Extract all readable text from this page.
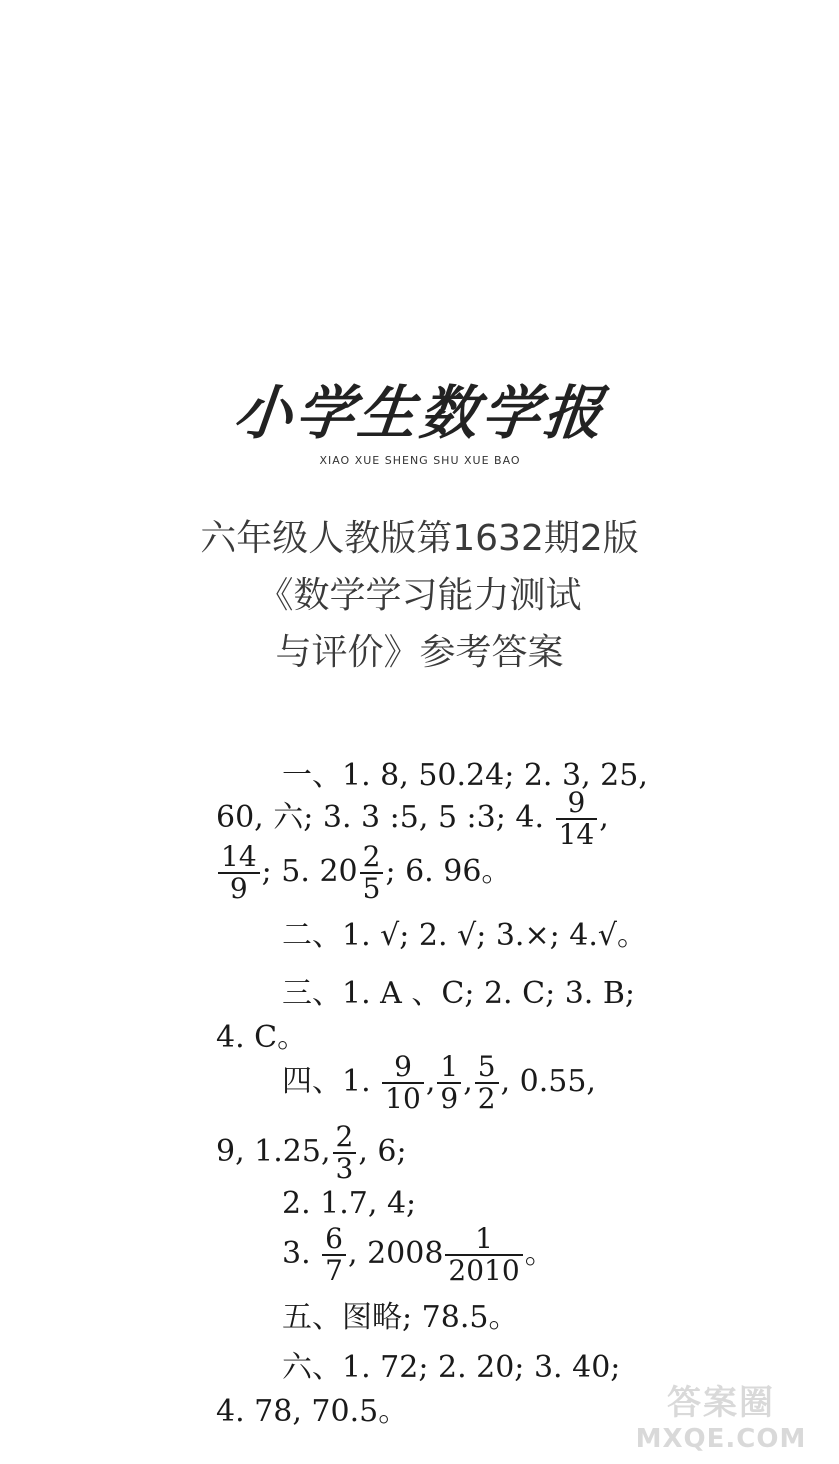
小学生数学报
XIAO XUE SHENG SHU XUE BAO
六年级人教版第1632期2版
《数学学习能力测试
与评价》参考答案
一、1. 8, 50.24; 2. 3, 25,
60, 六; 3. 3 :5, 5 :3; 4. $\frac{9}{14}$ ,
$\frac{14}{9}$ ; 5. $20 \frac{2}{5}$ ; 6. 96。
二、1. √; 2. √; 3.×; 4.√。
三、1. A 、C; 2. C; 3. B;
4. C。
四、1. $\frac{9}{10}$ , $\frac{1}{9}$ , $\frac{5}{2}$ , 0.55,
9, 1.25, $\frac{2}{3}$ , 6;
2. 1.7, 4;
3. $\frac{6}{7}$ , $2008 \frac{1}{2010}$ 。
五、图略; 78.5。
六、1. 72; 2. 20; 3. 40;
4. 78, 70.5。	答案圈
MXQE.COM
